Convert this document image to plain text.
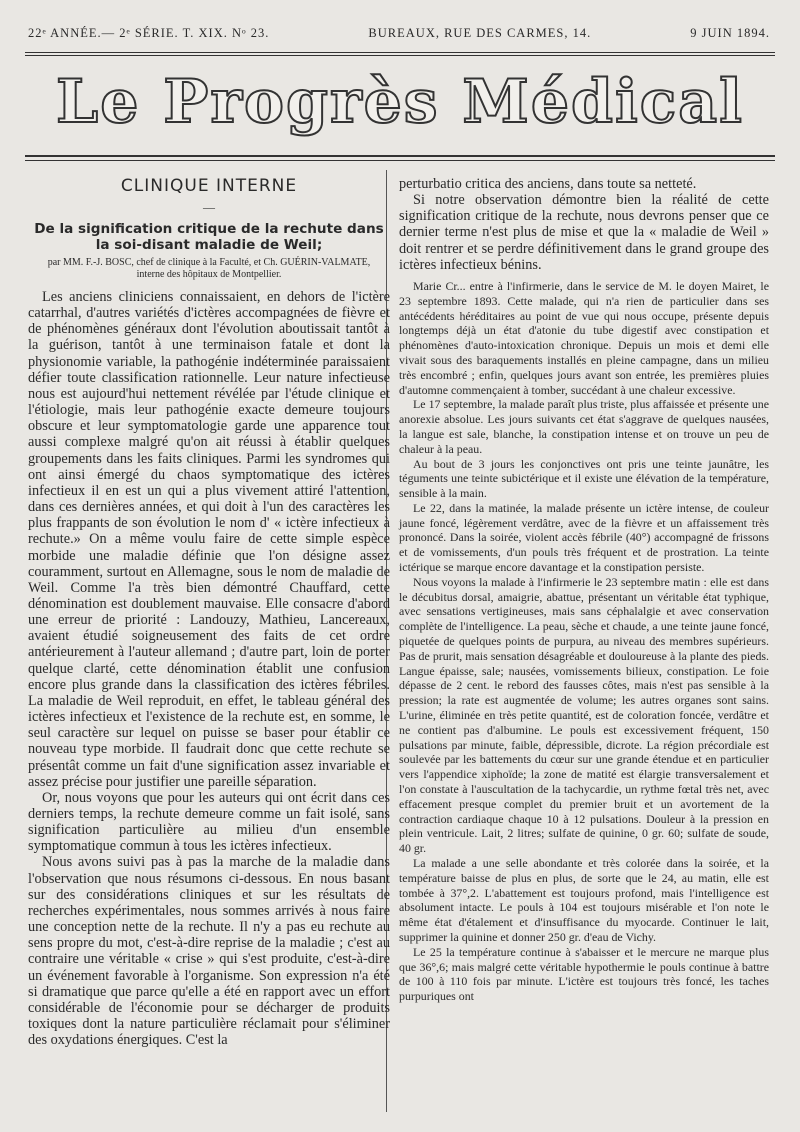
22ᵉ ANNÉE.— 2ᵉ SÉRIE. T. XIX. Nᵒ 23.	BUREAUX, RUE DES CARMES, 14.	9 JUIN 1894.
Le Progrès Médical
CLINIQUE INTERNE
—
De la signification critique de la rechute dans la soi-disant maladie de Weil;
par MM. F.-J. BOSC, chef de clinique à la Faculté, et Ch. GUÉRIN-VALMATE, interne des hôpitaux de Montpellier.

Les anciens cliniciens connaissaient, en dehors de l'ictère catarrhal, d'autres variétés d'ictères accompagnées de fièvre et de phénomènes généraux dont l'évolution aboutissait tantôt à la guérison, tantôt à une terminaison fatale et dont la physionomie variable, la pathogénie indéterminée paraissaient défier toute classification rationnelle. Leur nature infectieuse nous est aujourd'hui nettement révélée par l'étude clinique et l'étiologie, mais leur pathogénie exacte demeure toujours obscure et leur symptomatologie garde une apparence tout aussi complexe malgré qu'on ait réussi à établir quelques groupements dans les faits cliniques. Parmi les syndromes qui ont ainsi émergé du chaos symptomatique des ictères infectieux il en est un qui a plus vivement attiré l'attention, dans ces dernières années, et qui doit à l'un des caractères les plus frappants de son évolution le nom d' « ictère infectieux à rechute.» On a même voulu faire de cette simple espèce morbide une maladie définie que l'on désigne assez couramment, surtout en Allemagne, sous le nom de maladie de Weil. Comme l'a très bien démontré Chauffard, cette dénomination est doublement mauvaise. Elle consacre d'abord une erreur de priorité : Landouzy, Mathieu, Lancereaux, avaient étudié soigneusement des faits de cet ordre antérieurement à l'auteur allemand ; d'autre part, loin de porter quelque clarté, cette dénomination établit une confusion encore plus grande dans la classification des ictères fébriles. La maladie de Weil reproduit, en effet, le tableau général des ictères infectieux et l'existence de la rechute est, en somme, le seul caractère sur lequel on puisse se baser pour établir ce nouveau type morbide. Il faudrait donc que cette rechute se présentât comme un fait d'une signification assez invariable et assez précise pour justifier une pareille séparation.

Or, nous voyons que pour les auteurs qui ont écrit dans ces derniers temps, la rechute demeure comme un fait isolé, sans signification particulière au milieu d'un ensemble symptomatique commun à tous les ictères infectieux.

Nous avons suivi pas à pas la marche de la maladie dans l'observation que nous résumons ci-dessous. En nous basant sur des considérations cliniques et sur les résultats de recherches expérimentales, nous sommes arrivés à nous faire une conception nette de la rechute. Il n'y a pas eu rechute au sens propre du mot, c'est-à-dire reprise de la maladie ; c'est au contraire une véritable « crise » qui s'est produite, c'est-à-dire un événement favorable à l'organisme. Son expression n'a été si dramatique que parce qu'elle a été en rapport avec un effort considérable de l'économie pour se décharger de produits toxiques dont la nature particulière réclamait pour s'éliminer des oxydations énergiques. C'est la

perturbatio critica des anciens, dans toute sa netteté.

Si notre observation démontre bien la réalité de cette signification critique de la rechute, nous devrons penser que ce dernier terme n'est plus de mise et que la « maladie de Weil » doit rentrer et se perdre définitivement dans le grand groupe des ictères infectieux bénins.

Marie Cr... entre à l'infirmerie, dans le service de M. le doyen Mairet, le 23 septembre 1893. Cette malade, qui n'a rien de particulier dans ses antécédents héréditaires au point de vue qui nous occupe, présente depuis longtemps déjà un état d'atonie du tube digestif avec constipation et phénomènes d'auto-intoxication chronique. Depuis un mois et demi elle vivait sous des baraquements installés en pleine campagne, dans un milieu très encombré ; enfin, quelques jours avant son entrée, les premières pluies d'automne commençaient à tomber, succédant à une chaleur excessive.

Le 17 septembre, la malade paraît plus triste, plus affaissée et présente une anorexie absolue. Les jours suivants cet état s'aggrave de quelques nausées, la langue est sale, blanche, la constipation intense et on trouve un peu de chaleur à la peau.

Au bout de 3 jours les conjonctives ont pris une teinte jaunâtre, les téguments une teinte subictérique et il existe une élévation de la température, sensible à la main.

Le 22, dans la matinée, la malade présente un ictère intense, de couleur jaune foncé, légèrement verdâtre, avec de la fièvre et un affaissement très prononcé. Dans la soirée, violent accès fébrile (40°) accompagné de frissons et de vomissements, d'un pouls très fréquent et de prostration. La teinte ictérique se marque encore davantage et la constipation persiste.

Nous voyons la malade à l'infirmerie le 23 septembre matin : elle est dans le décubitus dorsal, amaigrie, abattue, présentant un véritable état typhique, avec sensations vertigineuses, mais sans céphalalgie et avec conservation complète de l'intelligence. La peau, sèche et chaude, a une teinte jaune foncé, piquetée de quelques points de purpura, au niveau des membres supérieurs. Pas de prurit, mais sensation désagréable et douloureuse à la plante des pieds. Langue épaisse, sale; nausées, vomissements bilieux, constipation. Le foie dépasse de 2 cent. le rebord des fausses côtes, mais n'est pas sensible à la pression; la rate est augmentée de volume; les autres organes sont sains. L'urine, éliminée en très petite quantité, est de coloration foncée, verdâtre et ne contient pas d'albumine. Le pouls est excessivement fréquent, 150 pulsations par minute, faible, dépressible, dicrote. La région précordiale est soulevée par les battements du cœur sur une grande étendue et en particulier vers l'appendice xiphoïde; la zone de matité est élargie transversalement et l'on constate à l'auscultation de la tachycardie, un rythme fœtal très net, avec effacement presque complet du premier bruit et un avortement de la contraction cardiaque chaque 10 à 12 pulsations. Douleur à la pression en plein ventricule. Lait, 2 litres; sulfate de quinine, 0 gr. 60; sulfate de soude, 40 gr.

La malade a une selle abondante et très colorée dans la soirée, et la température baisse de plus en plus, de sorte que le 24, au matin, elle est tombée à 37°,2. L'abattement est toujours profond, mais l'intelligence est absolument intacte. Le pouls à 104 est toujours misérable et l'on note le même état d'étalement et d'insuffisance du myocarde. Continuer le lait, supprimer la quinine et donner 250 gr. d'eau de Vichy.

Le 25 la température continue à s'abaisser et le mercure ne marque plus que 36°,6; mais malgré cette véritable hypothermie le pouls continue à battre de 100 à 110 fois par minute. L'ictère est toujours très foncé, les taches purpuriques ont
